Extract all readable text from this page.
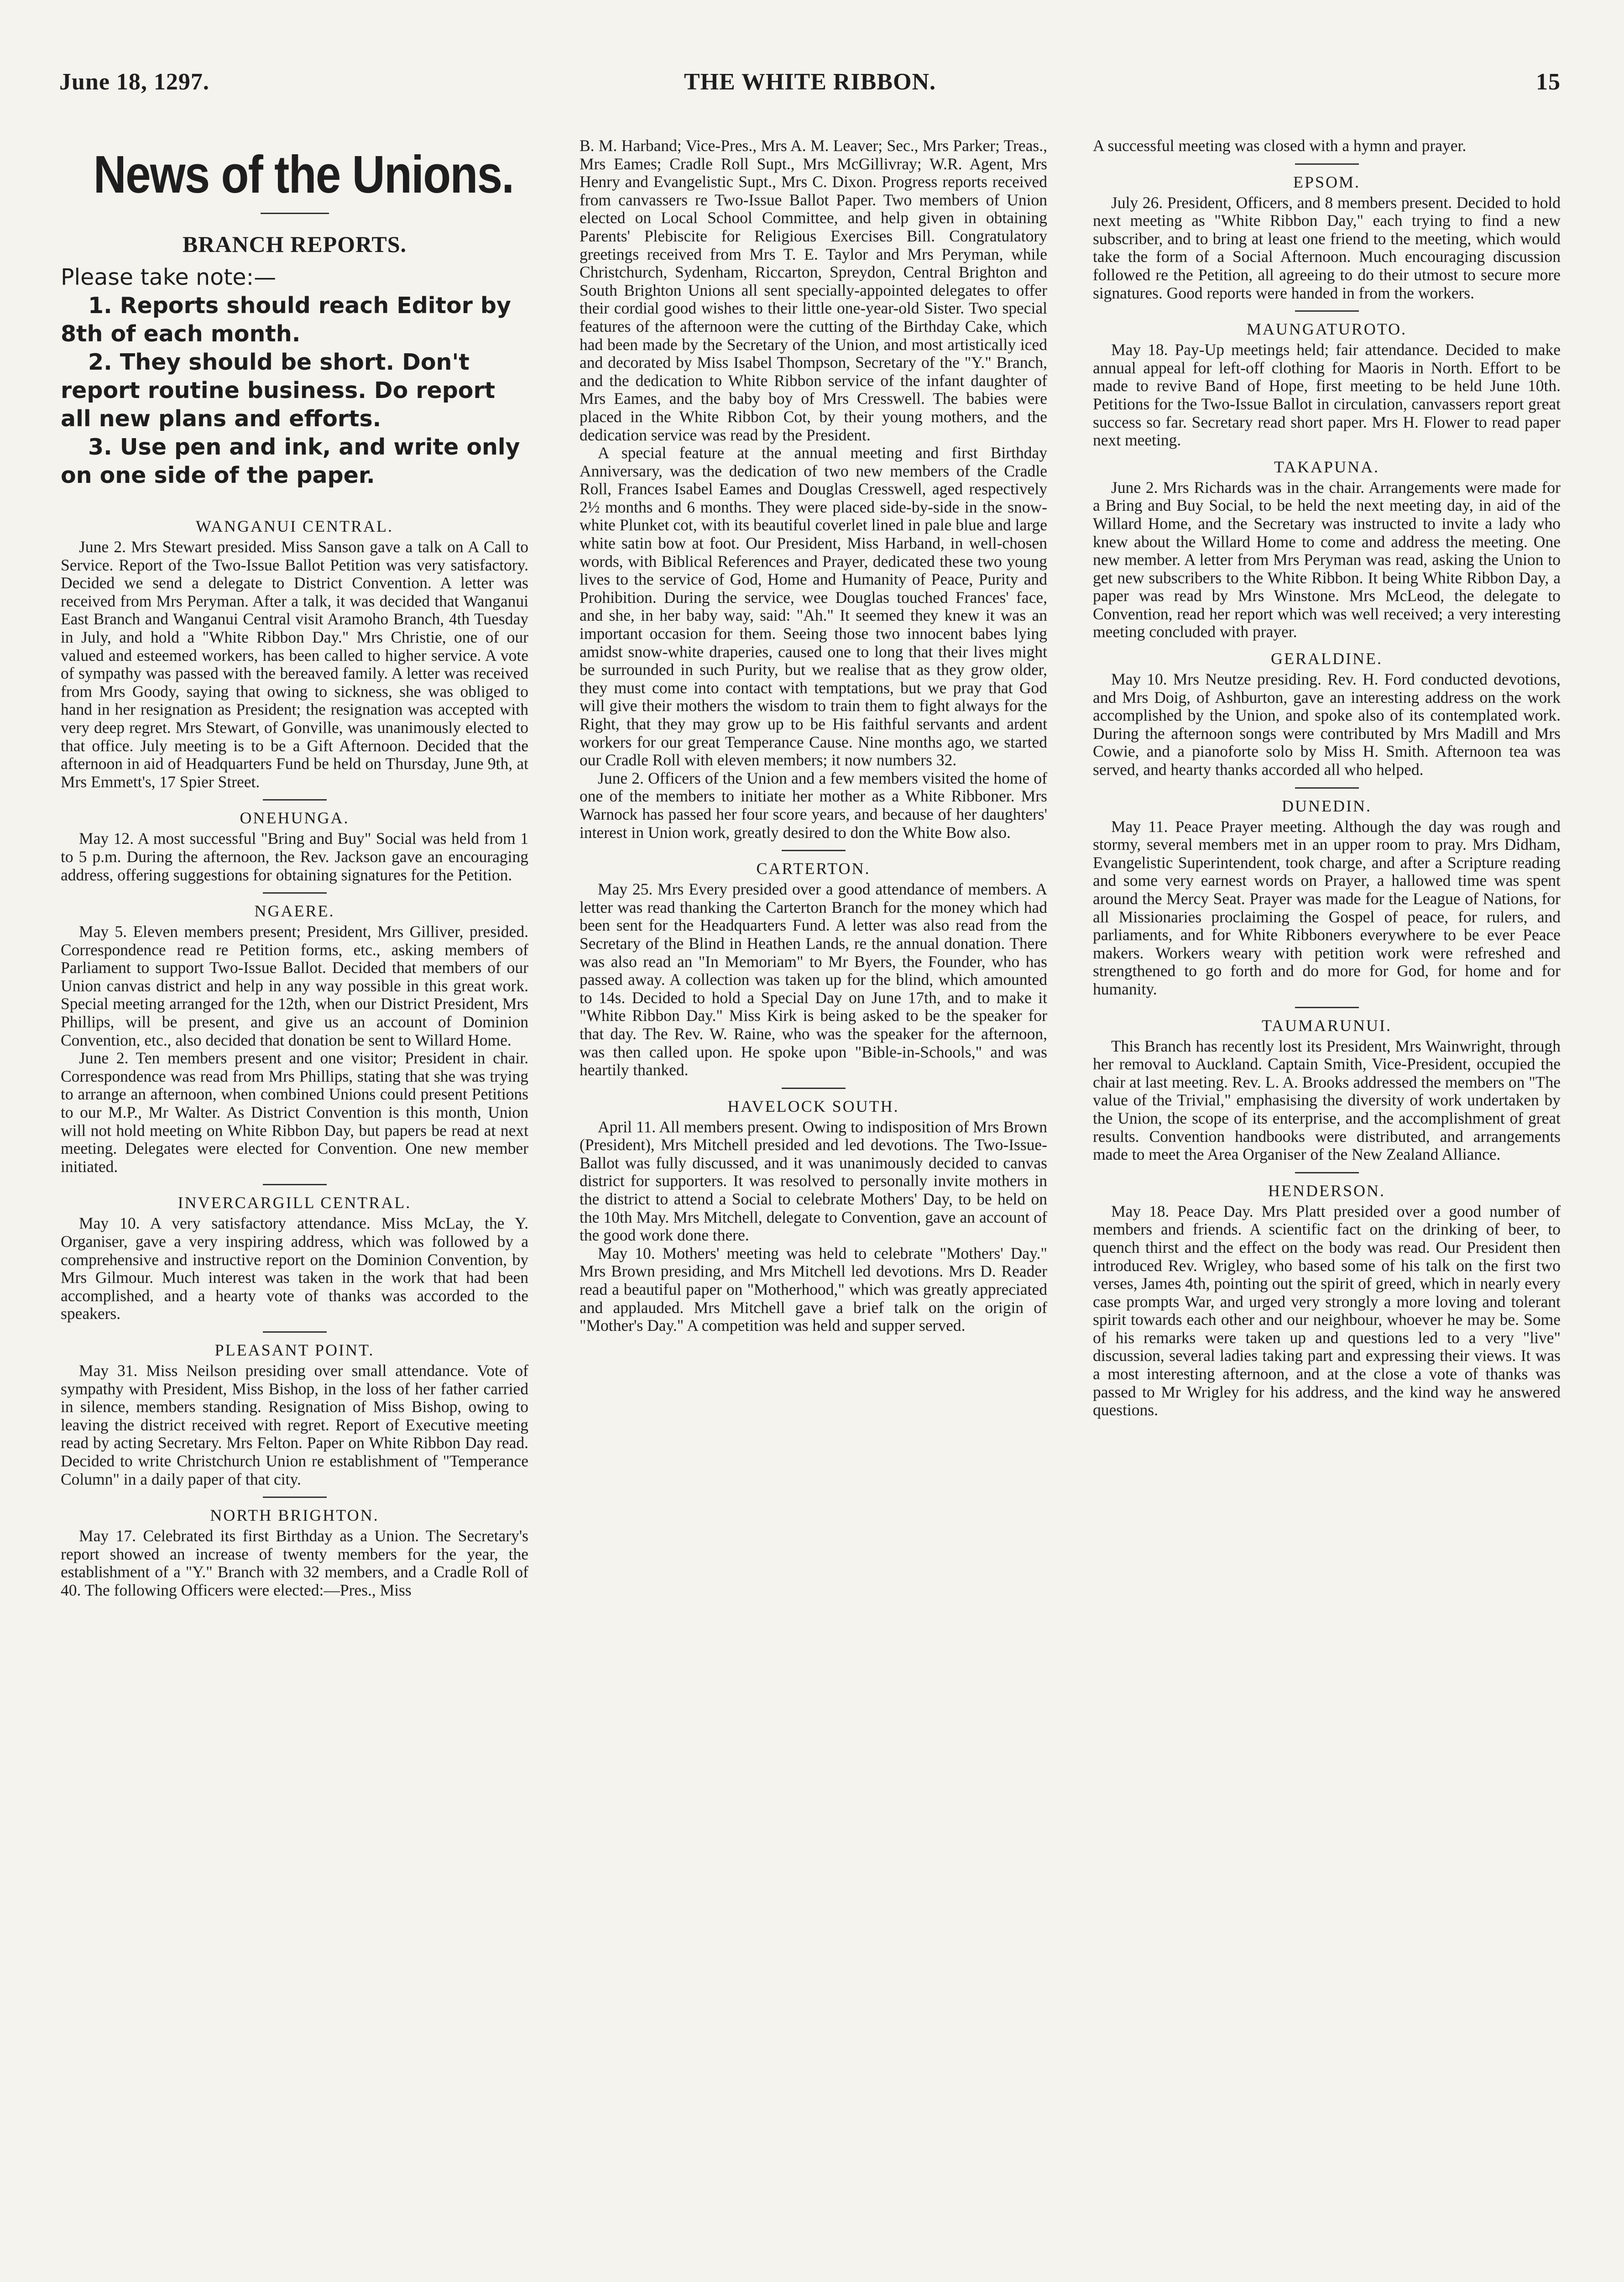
June 18, 1297.	THE WHITE RIBBON.	15
News of the Unions.
BRANCH REPORTS.

Please take note:—

1. Reports should reach Editor by 8th of each month.

2. They should be short. Don't report routine business. Do report all new plans and efforts.

3. Use pen and ink, and write only on one side of the paper.

WANGANUI CENTRAL.

June 2. Mrs Stewart presided. Miss Sanson gave a talk on A Call to Service. Report of the Two-Issue Ballot Petition was very satisfactory. Decided we send a delegate to District Convention. A letter was received from Mrs Peryman. After a talk, it was decided that Wanganui East Branch and Wanganui Central visit Aramoho Branch, 4th Tuesday in July, and hold a "White Ribbon Day." Mrs Christie, one of our valued and esteemed workers, has been called to higher service. A vote of sympathy was passed with the bereaved family. A letter was received from Mrs Goody, saying that owing to sickness, she was obliged to hand in her resignation as President; the resignation was accepted with very deep regret. Mrs Stewart, of Gonville, was unanimously elected to that office. July meeting is to be a Gift Afternoon. Decided that the afternoon in aid of Headquarters Fund be held on Thursday, June 9th, at Mrs Emmett's, 17 Spier Street.

ONEHUNGA.

May 12. A most successful "Bring and Buy" Social was held from 1 to 5 p.m. During the afternoon, the Rev. Jackson gave an encouraging address, offering suggestions for obtaining signatures for the Petition.

NGAERE.

May 5. Eleven members present; President, Mrs Gilliver, presided. Correspondence read re Petition forms, etc., asking members of Parliament to support Two-Issue Ballot. Decided that members of our Union canvas district and help in any way possible in this great work. Special meeting arranged for the 12th, when our District President, Mrs Phillips, will be present, and give us an account of Dominion Convention, etc., also decided that donation be sent to Willard Home.

June 2. Ten members present and one visitor; President in chair. Correspondence was read from Mrs Phillips, stating that she was trying to arrange an afternoon, when combined Unions could present Petitions to our M.P., Mr Walter. As District Convention is this month, Union will not hold meeting on White Ribbon Day, but papers be read at next meeting. Delegates were elected for Convention. One new member initiated.

INVERCARGILL CENTRAL.

May 10. A very satisfactory attendance. Miss McLay, the Y. Organiser, gave a very inspiring address, which was followed by a comprehensive and instructive report on the Dominion Convention, by Mrs Gilmour. Much interest was taken in the work that had been accomplished, and a hearty vote of thanks was accorded to the speakers.

PLEASANT POINT.

May 31. Miss Neilson presiding over small attendance. Vote of sympathy with President, Miss Bishop, in the loss of her father carried in silence, members standing. Resignation of Miss Bishop, owing to leaving the district received with regret. Report of Executive meeting read by acting Secretary. Mrs Felton. Paper on White Ribbon Day read. Decided to write Christchurch Union re establishment of "Temperance Column" in a daily paper of that city.

NORTH BRIGHTON.

May 17. Celebrated its first Birthday as a Union. The Secretary's report showed an increase of twenty members for the year, the establishment of a "Y." Branch with 32 members, and a Cradle Roll of 40. The following Officers were elected:—Pres., Miss

B. M. Harband; Vice-Pres., Mrs A. M. Leaver; Sec., Mrs Parker; Treas., Mrs Eames; Cradle Roll Supt., Mrs McGillivray; W.R. Agent, Mrs Henry and Evangelistic Supt., Mrs C. Dixon. Progress reports received from canvassers re Two-Issue Ballot Paper. Two members of Union elected on Local School Committee, and help given in obtaining Parents' Plebiscite for Religious Exercises Bill. Congratulatory greetings received from Mrs T. E. Taylor and Mrs Peryman, while Christchurch, Sydenham, Riccarton, Spreydon, Central Brighton and South Brighton Unions all sent specially-appointed delegates to offer their cordial good wishes to their little one-year-old Sister. Two special features of the afternoon were the cutting of the Birthday Cake, which had been made by the Secretary of the Union, and most artistically iced and decorated by Miss Isabel Thompson, Secretary of the "Y." Branch, and the dedication to White Ribbon service of the infant daughter of Mrs Eames, and the baby boy of Mrs Cresswell. The babies were placed in the White Ribbon Cot, by their young mothers, and the dedication service was read by the President.

A special feature at the annual meeting and first Birthday Anniversary, was the dedication of two new members of the Cradle Roll, Frances Isabel Eames and Douglas Cresswell, aged respectively 2½ months and 6 months. They were placed side-by-side in the snow-white Plunket cot, with its beautiful coverlet lined in pale blue and large white satin bow at foot. Our President, Miss Harband, in well-chosen words, with Biblical References and Prayer, dedicated these two young lives to the service of God, Home and Humanity of Peace, Purity and Prohibition. During the service, wee Douglas touched Frances' face, and she, in her baby way, said: "Ah." It seemed they knew it was an important occasion for them. Seeing those two innocent babes lying amidst snow-white draperies, caused one to long that their lives might be surrounded in such Purity, but we realise that as they grow older, they must come into contact with temptations, but we pray that God will give their mothers the wisdom to train them to fight always for the Right, that they may grow up to be His faithful servants and ardent workers for our great Temperance Cause. Nine months ago, we started our Cradle Roll with eleven members; it now numbers 32.

June 2. Officers of the Union and a few members visited the home of one of the members to initiate her mother as a White Ribboner. Mrs Warnock has passed her four score years, and because of her daughters' interest in Union work, greatly desired to don the White Bow also.

CARTERTON.

May 25. Mrs Every presided over a good attendance of members. A letter was read thanking the Carterton Branch for the money which had been sent for the Headquarters Fund. A letter was also read from the Secretary of the Blind in Heathen Lands, re the annual donation. There was also read an "In Memoriam" to Mr Byers, the Founder, who has passed away. A collection was taken up for the blind, which amounted to 14s. Decided to hold a Special Day on June 17th, and to make it "White Ribbon Day." Miss Kirk is being asked to be the speaker for that day. The Rev. W. Raine, who was the speaker for the afternoon, was then called upon. He spoke upon "Bible-in-Schools," and was heartily thanked.

HAVELOCK SOUTH.

April 11. All members present. Owing to indisposition of Mrs Brown (President), Mrs Mitchell presided and led devotions. The Two-Issue-Ballot was fully discussed, and it was unanimously decided to canvas district for supporters. It was resolved to personally invite mothers in the district to attend a Social to celebrate Mothers' Day, to be held on the 10th May. Mrs Mitchell, delegate to Convention, gave an account of the good work done there.

May 10. Mothers' meeting was held to celebrate "Mothers' Day." Mrs Brown presiding, and Mrs Mitchell led devotions. Mrs D. Reader read a beautiful paper on "Motherhood," which was greatly appreciated and applauded. Mrs Mitchell gave a brief talk on the origin of "Mother's Day." A competition was held and supper served.

A successful meeting was closed with a hymn and prayer.

EPSOM.

July 26. President, Officers, and 8 members present. Decided to hold next meeting as "White Ribbon Day," each trying to find a new subscriber, and to bring at least one friend to the meeting, which would take the form of a Social Afternoon. Much encouraging discussion followed re the Petition, all agreeing to do their utmost to secure more signatures. Good reports were handed in from the workers.

MAUNGATUROTO.

May 18. Pay-Up meetings held; fair attendance. Decided to make annual appeal for left-off clothing for Maoris in North. Effort to be made to revive Band of Hope, first meeting to be held June 10th. Petitions for the Two-Issue Ballot in circulation, canvassers report great success so far. Secretary read short paper. Mrs H. Flower to read paper next meeting.

TAKAPUNA.

June 2. Mrs Richards was in the chair. Arrangements were made for a Bring and Buy Social, to be held the next meeting day, in aid of the Willard Home, and the Secretary was instructed to invite a lady who knew about the Willard Home to come and address the meeting. One new member. A letter from Mrs Peryman was read, asking the Union to get new subscribers to the White Ribbon. It being White Ribbon Day, a paper was read by Mrs Winstone. Mrs McLeod, the delegate to Convention, read her report which was well received; a very interesting meeting concluded with prayer.

GERALDINE.

May 10. Mrs Neutze presiding. Rev. H. Ford conducted devotions, and Mrs Doig, of Ashburton, gave an interesting address on the work accomplished by the Union, and spoke also of its contemplated work. During the afternoon songs were contributed by Mrs Madill and Mrs Cowie, and a pianoforte solo by Miss H. Smith. Afternoon tea was served, and hearty thanks accorded all who helped.

DUNEDIN.

May 11. Peace Prayer meeting. Although the day was rough and stormy, several members met in an upper room to pray. Mrs Didham, Evangelistic Superintendent, took charge, and after a Scripture reading and some very earnest words on Prayer, a hallowed time was spent around the Mercy Seat. Prayer was made for the League of Nations, for all Missionaries proclaiming the Gospel of peace, for rulers, and parliaments, and for White Ribboners everywhere to be ever Peace makers. Workers weary with petition work were refreshed and strengthened to go forth and do more for God, for home and for humanity.

TAUMARUNUI.

This Branch has recently lost its President, Mrs Wainwright, through her removal to Auckland. Captain Smith, Vice-President, occupied the chair at last meeting. Rev. L. A. Brooks addressed the members on "The value of the Trivial," emphasising the diversity of work undertaken by the Union, the scope of its enterprise, and the accomplishment of great results. Convention handbooks were distributed, and arrangements made to meet the Area Organiser of the New Zealand Alliance.

HENDERSON.

May 18. Peace Day. Mrs Platt presided over a good number of members and friends. A scientific fact on the drinking of beer, to quench thirst and the effect on the body was read. Our President then introduced Rev. Wrigley, who based some of his talk on the first two verses, James 4th, pointing out the spirit of greed, which in nearly every case prompts War, and urged very strongly a more loving and tolerant spirit towards each other and our neighbour, whoever he may be. Some of his remarks were taken up and questions led to a very "live" discussion, several ladies taking part and expressing their views. It was a most interesting afternoon, and at the close a vote of thanks was passed to Mr Wrigley for his address, and the kind way he answered questions.
